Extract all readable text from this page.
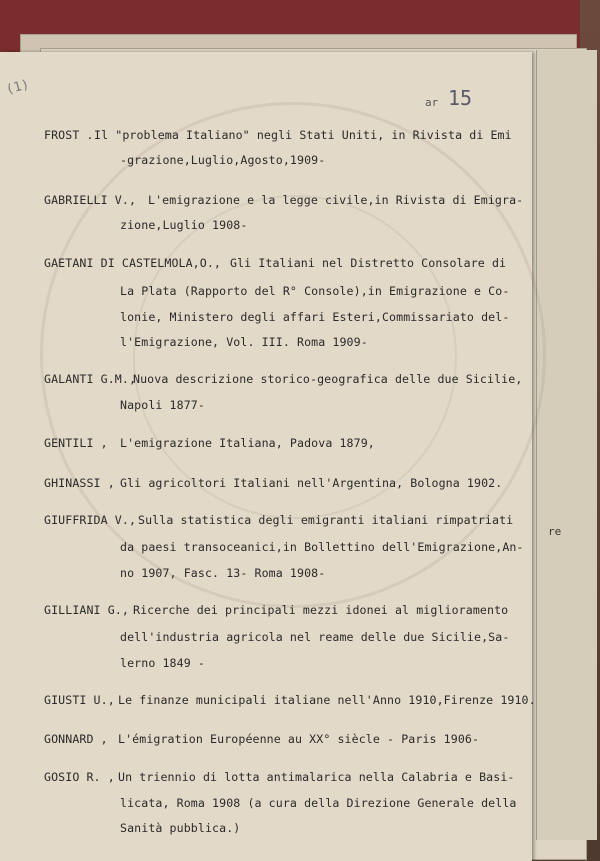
re
(1)
ar 15
FROST . Il "problema Italiano" negli Stati Uniti, in Rivista di Emi
-grazione,Luglio,Agosto,1909-
GABRIELLI V., L'emigrazione e la legge civile,in Rivista di Emigra-
zione,Luglio 1908-
GAETANI DI CASTELMOLA,O., Gli Italiani nel Distretto Consolare di
La Plata (Rapporto del R° Console),in Emigrazione e Co-
lonie, Ministero degli affari Esteri,Commissariato del-
l'Emigrazione, Vol. III. Roma 1909-
GALANTI G.M.,
Nuova descrizione storico-geografica delle due Sicilie,
Napoli 1877-
GENTILI , L'emigrazione Italiana, Padova 1879,
GHINASSI , Gli agricoltori Italiani nell'Argentina, Bologna 1902.
GIUFFRIDA V., Sulla statistica degli emigranti italiani rimpatriati
da paesi transoceanici,in Bollettino dell'Emigrazione,An-
no 1907, Fasc. 13- Roma 1908-
GILLIANI G., Ricerche dei principali mezzi idonei al miglioramento
dell'industria agricola nel reame delle due Sicilie,Sa-
lerno 1849 -
GIUSTI U., Le finanze municipali italiane nell'Anno 1910,Firenze 1910.
GONNARD , L'émigration Européenne au XX° siècle - Paris 1906-
GOSIO R. , Un triennio di lotta antimalarica nella Calabria e Basi-
licata, Roma 1908 (a cura della Direzione Generale della
Sanità pubblica.)
